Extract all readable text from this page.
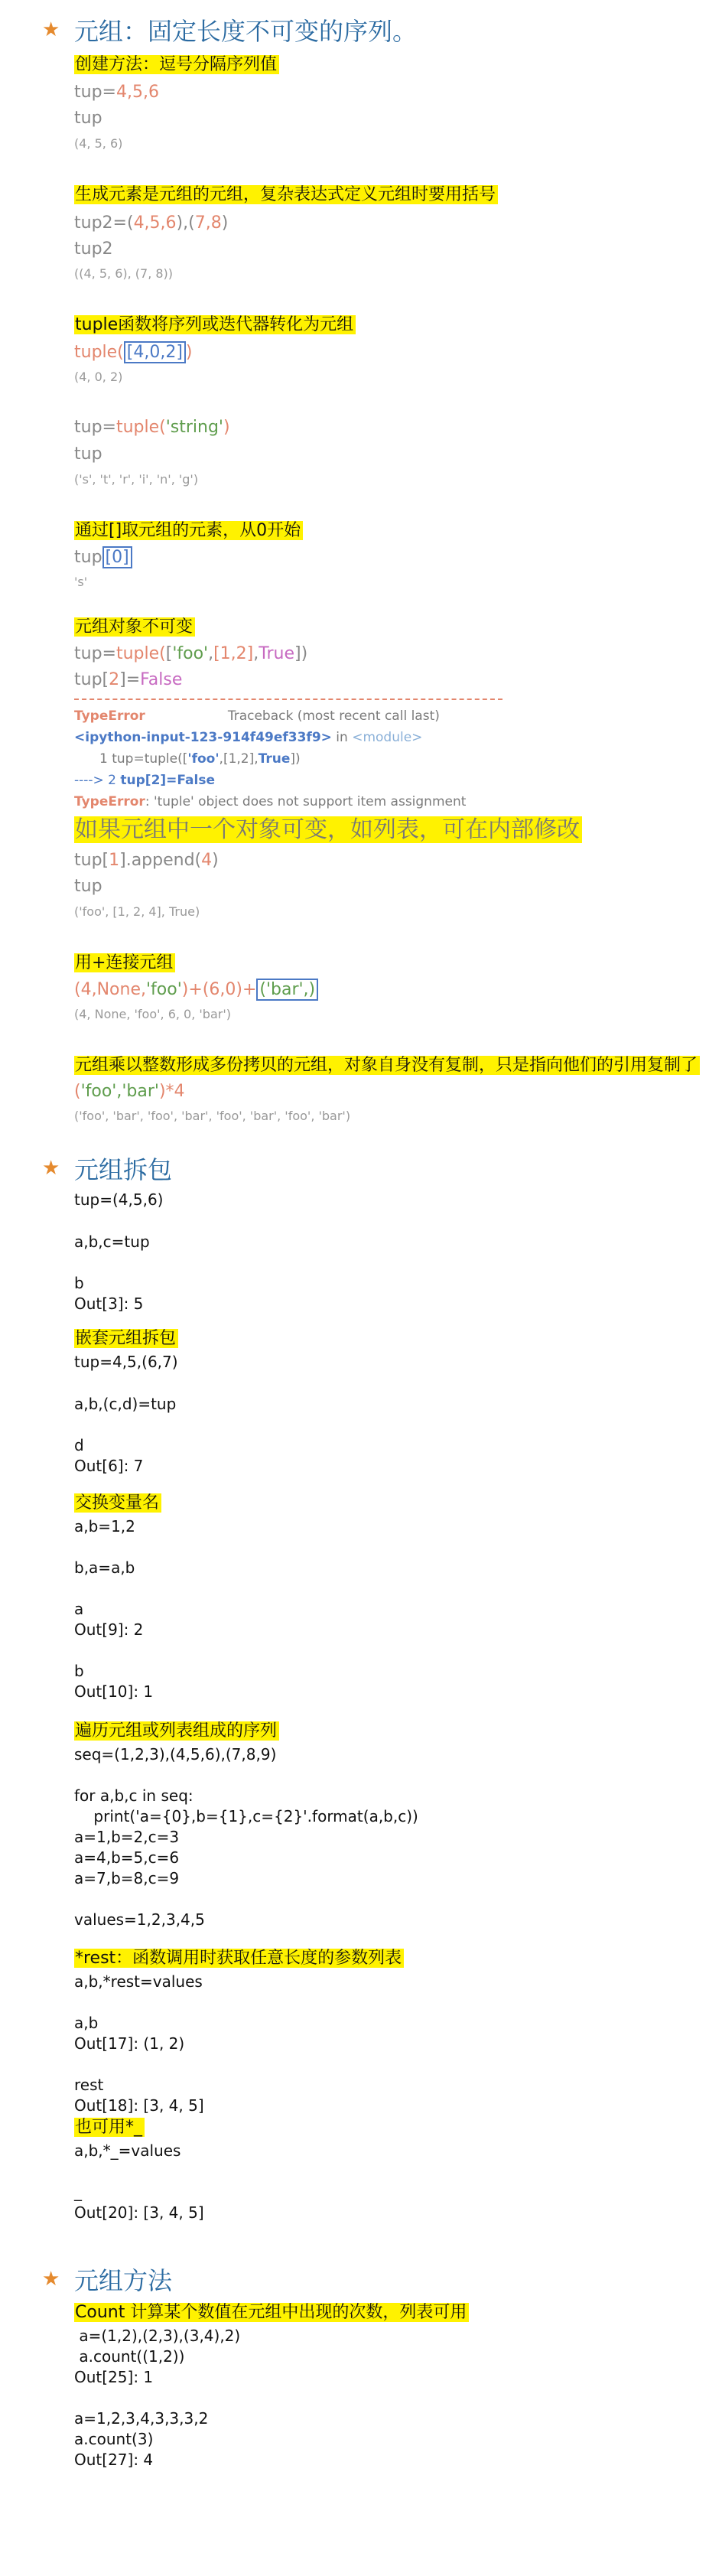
★ 元组：固定长度不可变的序列。
创建方法：逗号分隔序列值
tup=4,5,6
tup
(4, 5, 6)
生成元素是元组的元组，复杂表达式定义元组时要用括号
tup2=(4,5,6),(7,8)
tup2
((4, 5, 6), (7, 8))
tuple函数将序列或迭代器转化为元组
tuple( [4,0,2] )
(4, 0, 2)
tup=tuple('string')
tup
('s', 't', 'r', 'i', 'n', 'g')
通过[]取元组的元素，从0开始
tup [0]
's'
元组对象不可变
tup=tuple(['foo',[1,2],True])
tup[2]=False
TypeError	Traceback (most recent call last)
<ipython-input-123-914f49ef33f9> in <module>
1 tup=tuple(['foo',[1,2],True])
----> 2 tup[2]=False
TypeError: 'tuple' object does not support item assignment
如果元组中一个对象可变，如列表，可在内部修改
tup[1].append(4)
tup
('foo', [1, 2, 4], True)
用+连接元组
(4,None,'foo')+(6,0)+ ('bar',)
(4, None, 'foo', 6, 0, 'bar')
元组乘以整数形成多份拷贝的元组，对象自身没有复制，只是指向他们的引用复制了
('foo','bar')*4
('foo', 'bar', 'foo', 'bar', 'foo', 'bar', 'foo', 'bar')
★ 元组拆包
tup=(4,5,6)
a,b,c=tup
b
Out[3]: 5
嵌套元组拆包
tup=4,5,(6,7)
a,b,(c,d)=tup
d
Out[6]: 7
交换变量名
a,b=1,2
b,a=a,b
a
Out[9]: 2
b
Out[10]: 1
遍历元组或列表组成的序列
seq=(1,2,3),(4,5,6),(7,8,9)
for a,b,c in seq:
print('a={0},b={1},c={2}'.format(a,b,c))
a=1,b=2,c=3
a=4,b=5,c=6
a=7,b=8,c=9
values=1,2,3,4,5
*rest：函数调用时获取任意长度的参数列表
a,b,*rest=values
a,b
Out[17]: (1, 2)
rest
Out[18]: [3, 4, 5]
也可用*_
a,b,*_=values
_
Out[20]: [3, 4, 5]
★ 元组方法
Count 计算某个数值在元组中出现的次数，列表可用
a=(1,2),(2,3),(3,4),2)
a.count((1,2))
Out[25]: 1
a=1,2,3,4,3,3,3,2
a.count(3)
Out[27]: 4
